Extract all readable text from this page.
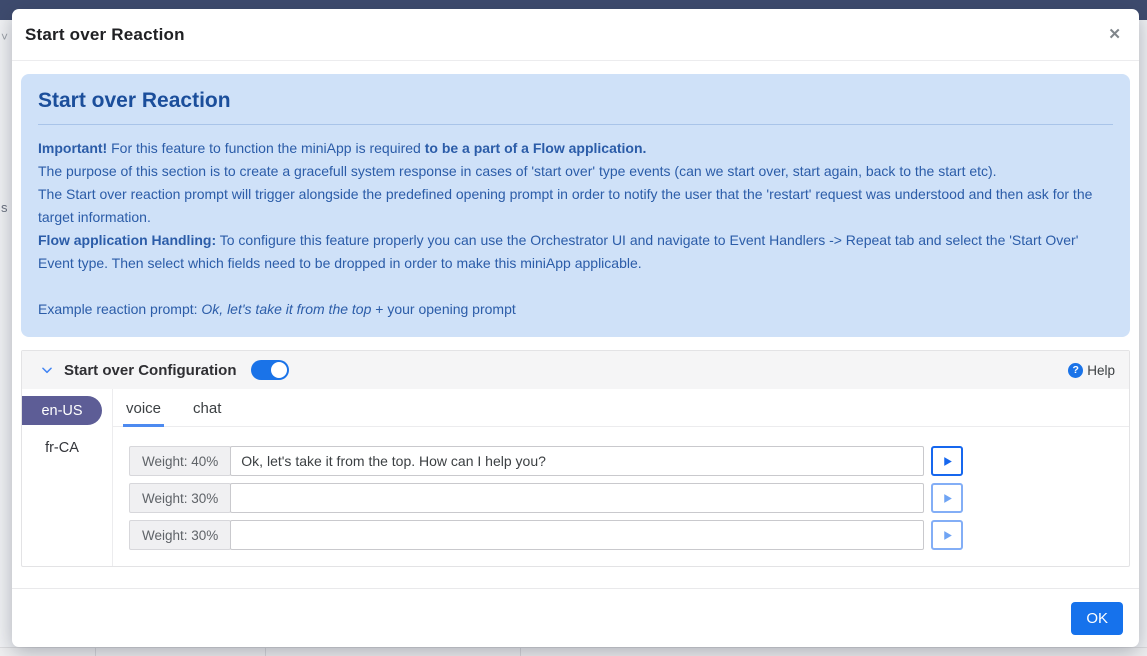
˅
s
Start over Reaction	✕
Start over Reaction
Important! For this feature to function the miniApp is required to be a part of a Flow application.
The purpose of this section is to create a gracefull system response in cases of 'start over' type events (can we start over, start again, back to the start etc).
The Start over reaction prompt will trigger alongside the predefined opening prompt in order to notify the user that the 'restart' request was understood and then ask for the target information.
Flow application Handling: To configure this feature properly you can use the Orchestrator UI and navigate to Event Handlers -> Repeat tab and select the 'Start Over' Event type. Then select which fields need to be dropped in order to make this miniApp applicable.

Example reaction prompt: Ok, let's take it from the top + your opening prompt
Start over Configuration	? Help
en-US
fr-CA
voice chat
Weight: 40%
Ok, let's take it from the top. How can I help you?
Weight: 30%
Weight: 30%
OK
